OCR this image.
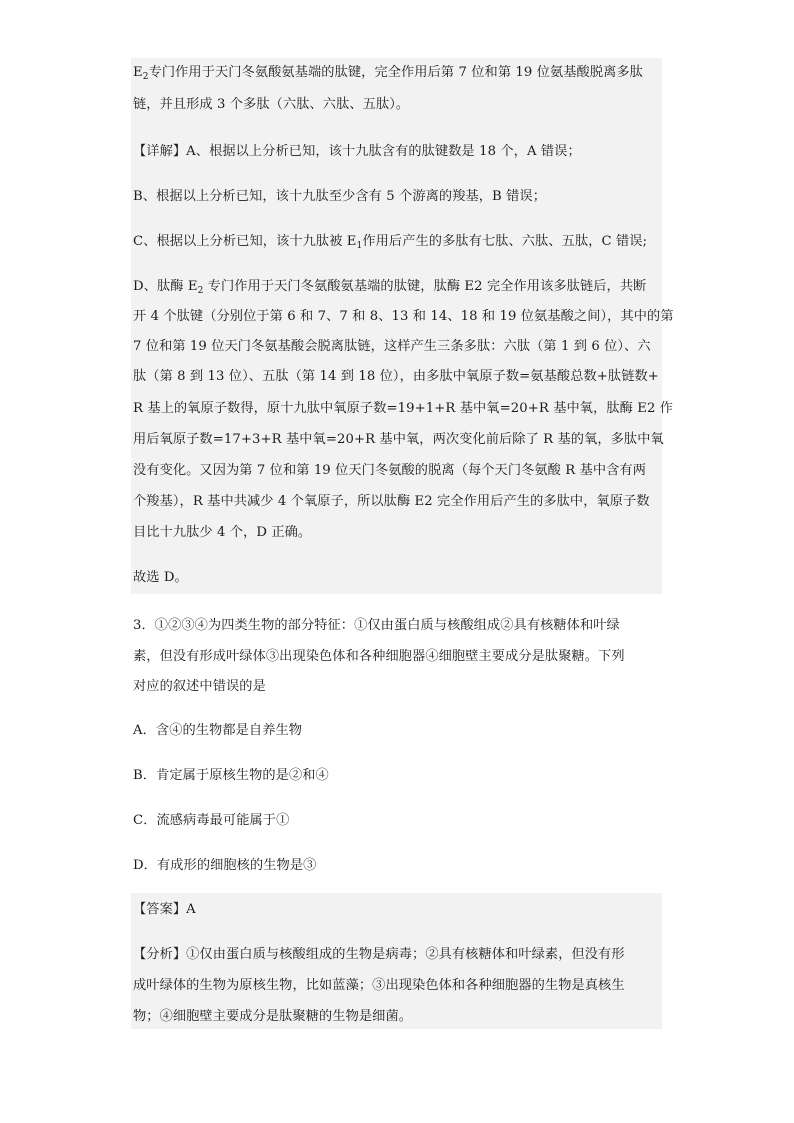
$E_2$专门作用于天门冬氨酸氨基端的肽键，完全作用后第 7 位和第 19 位氨基酸脱离多肽
链，并且形成 3 个多肽（六肽、六肽、五肽）。
【详解】A、根据以上分析已知，该十九肽含有的肽键数是 18 个，A 错误；
B、根据以上分析已知，该十九肽至少含有 5 个游离的羧基，B 错误；
C、根据以上分析已知，该十九肽被 $E_1$作用后产生的多肽有七肽、六肽、五肽，C 错误;
D、肽酶 $E_2$ 专门作用于天门冬氨酸氨基端的肽键，肽酶 E2 完全作用该多肽链后，共断
开 4 个肽键（分别位于第 6 和 7、7 和 8、13 和 14、18 和 19 位氨基酸之间），其中的第
7 位和第 19 位天门冬氨基酸会脱离肽链，这样产生三条多肽：六肽（第 1 到 6 位）、六
肽（第 8 到 13 位）、五肽（第 14 到 18 位），由多肽中氧原子数=氨基酸总数+肽链数+
R 基上的氧原子数得，原十九肽中氧原子数=19+1+R 基中氧=20+R 基中氧，肽酶 E2 作
用后氧原子数=17+3+R 基中氧=20+R 基中氧，两次变化前后除了 R 基的氧，多肽中氧
没有变化。又因为第 7 位和第 19 位天门冬氨酸的脱离（每个天门冬氨酸 R 基中含有两
个羧基），R 基中共减少 4 个氧原子，所以肽酶 E2 完全作用后产生的多肽中，氧原子数
目比十九肽少 4 个，D 正确。
故选 D。
3．①②③④为四类生物的部分特征：①仅由蛋白质与核酸组成②具有核糖体和叶绿
素，但没有形成叶绿体③出现染色体和各种细胞器④细胞壁主要成分是肽聚糖。下列
对应的叙述中错误的是
A．含④的生物都是自养生物
B．肯定属于原核生物的是②和④
C．流感病毒最可能属于①
D．有成形的细胞核的生物是③
【答案】A
【分析】①仅由蛋白质与核酸组成的生物是病毒；②具有核糖体和叶绿素，但没有形
成叶绿体的生物为原核生物，比如蓝藻；③出现染色体和各种细胞器的生物是真核生
物；④细胞壁主要成分是肽聚糖的生物是细菌。
